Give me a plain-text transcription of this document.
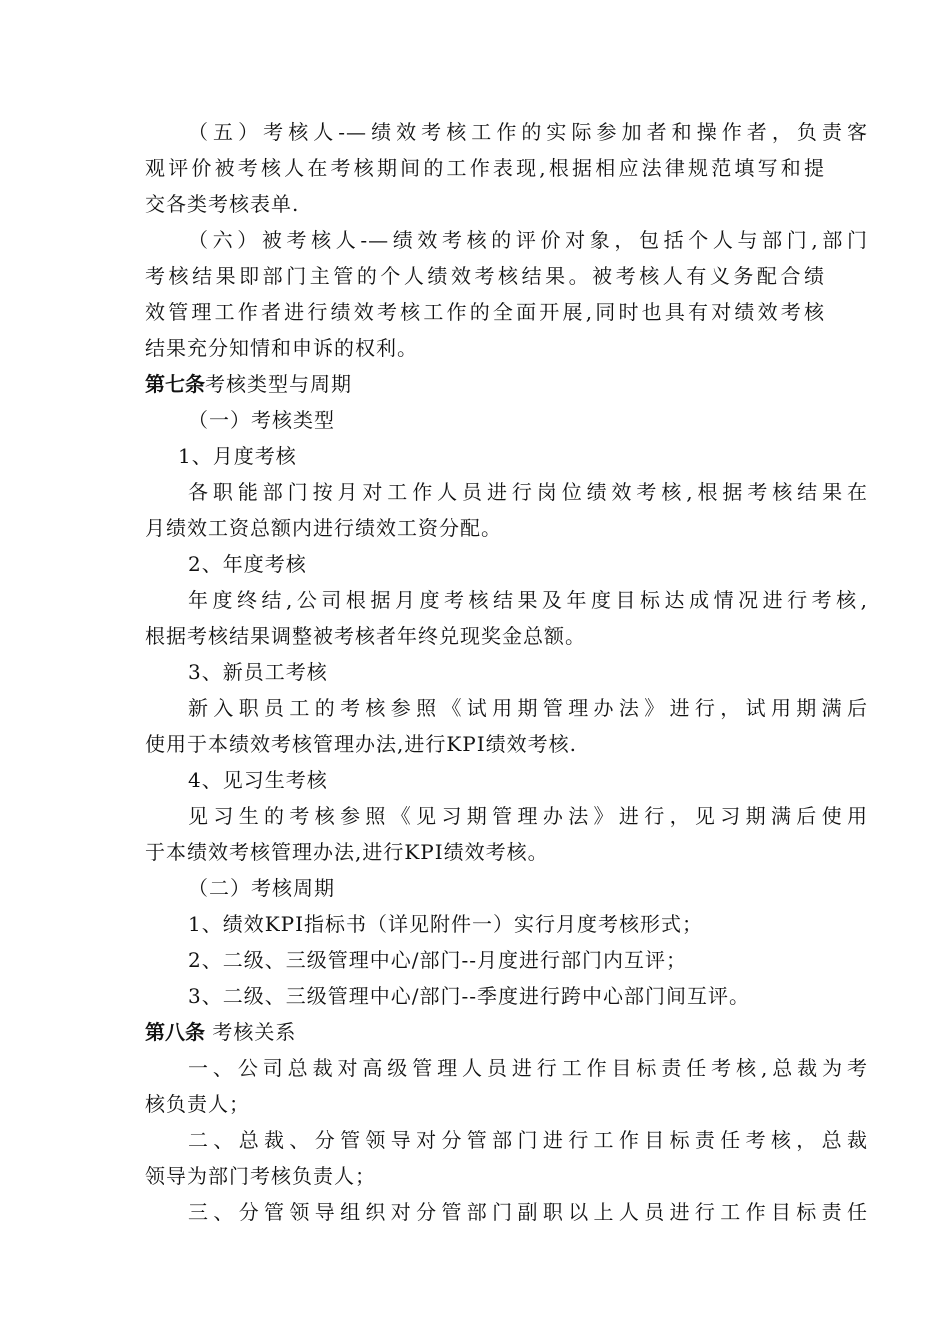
（五）考核人-—绩效考核工作的实际参加者和操作者，负责客
观评价被考核人在考核期间的工作表现,根据相应法律规范填写和提
交各类考核表单.
（六）被考核人-—绩效考核的评价对象，包括个人与部门,部门
考核结果即部门主管的个人绩效考核结果。被考核人有义务配合绩
效管理工作者进行绩效考核工作的全面开展,同时也具有对绩效考核
结果充分知情和申诉的权利。
第七条考核类型与周期
（一）考核类型
1、月度考核
各职能部门按月对工作人员进行岗位绩效考核,根据考核结果在
月绩效工资总额内进行绩效工资分配。
2、年度考核
年度终结,公司根据月度考核结果及年度目标达成情况进行考核,
根据考核结果调整被考核者年终兑现奖金总额。
3、新员工考核
新入职员工的考核参照《试用期管理办法》进行，试用期满后
使用于本绩效考核管理办法,进行KPI绩效考核.
4、见习生考核
见习生的考核参照《见习期管理办法》进行，见习期满后使用
于本绩效考核管理办法,进行KPI绩效考核。
（二）考核周期
1、绩效KPI指标书（详见附件一）实行月度考核形式；
2、二级、三级管理中心/部门--月度进行部门内互评；
3、二级、三级管理中心/部门--季度进行跨中心部门间互评。
第八条 考核关系
一、公司总裁对高级管理人员进行工作目标责任考核,总裁为考
核负责人；
二、总裁、分管领导对分管部门进行工作目标责任考核，总裁
领导为部门考核负责人；
三、分管领导组织对分管部门副职以上人员进行工作目标责任
